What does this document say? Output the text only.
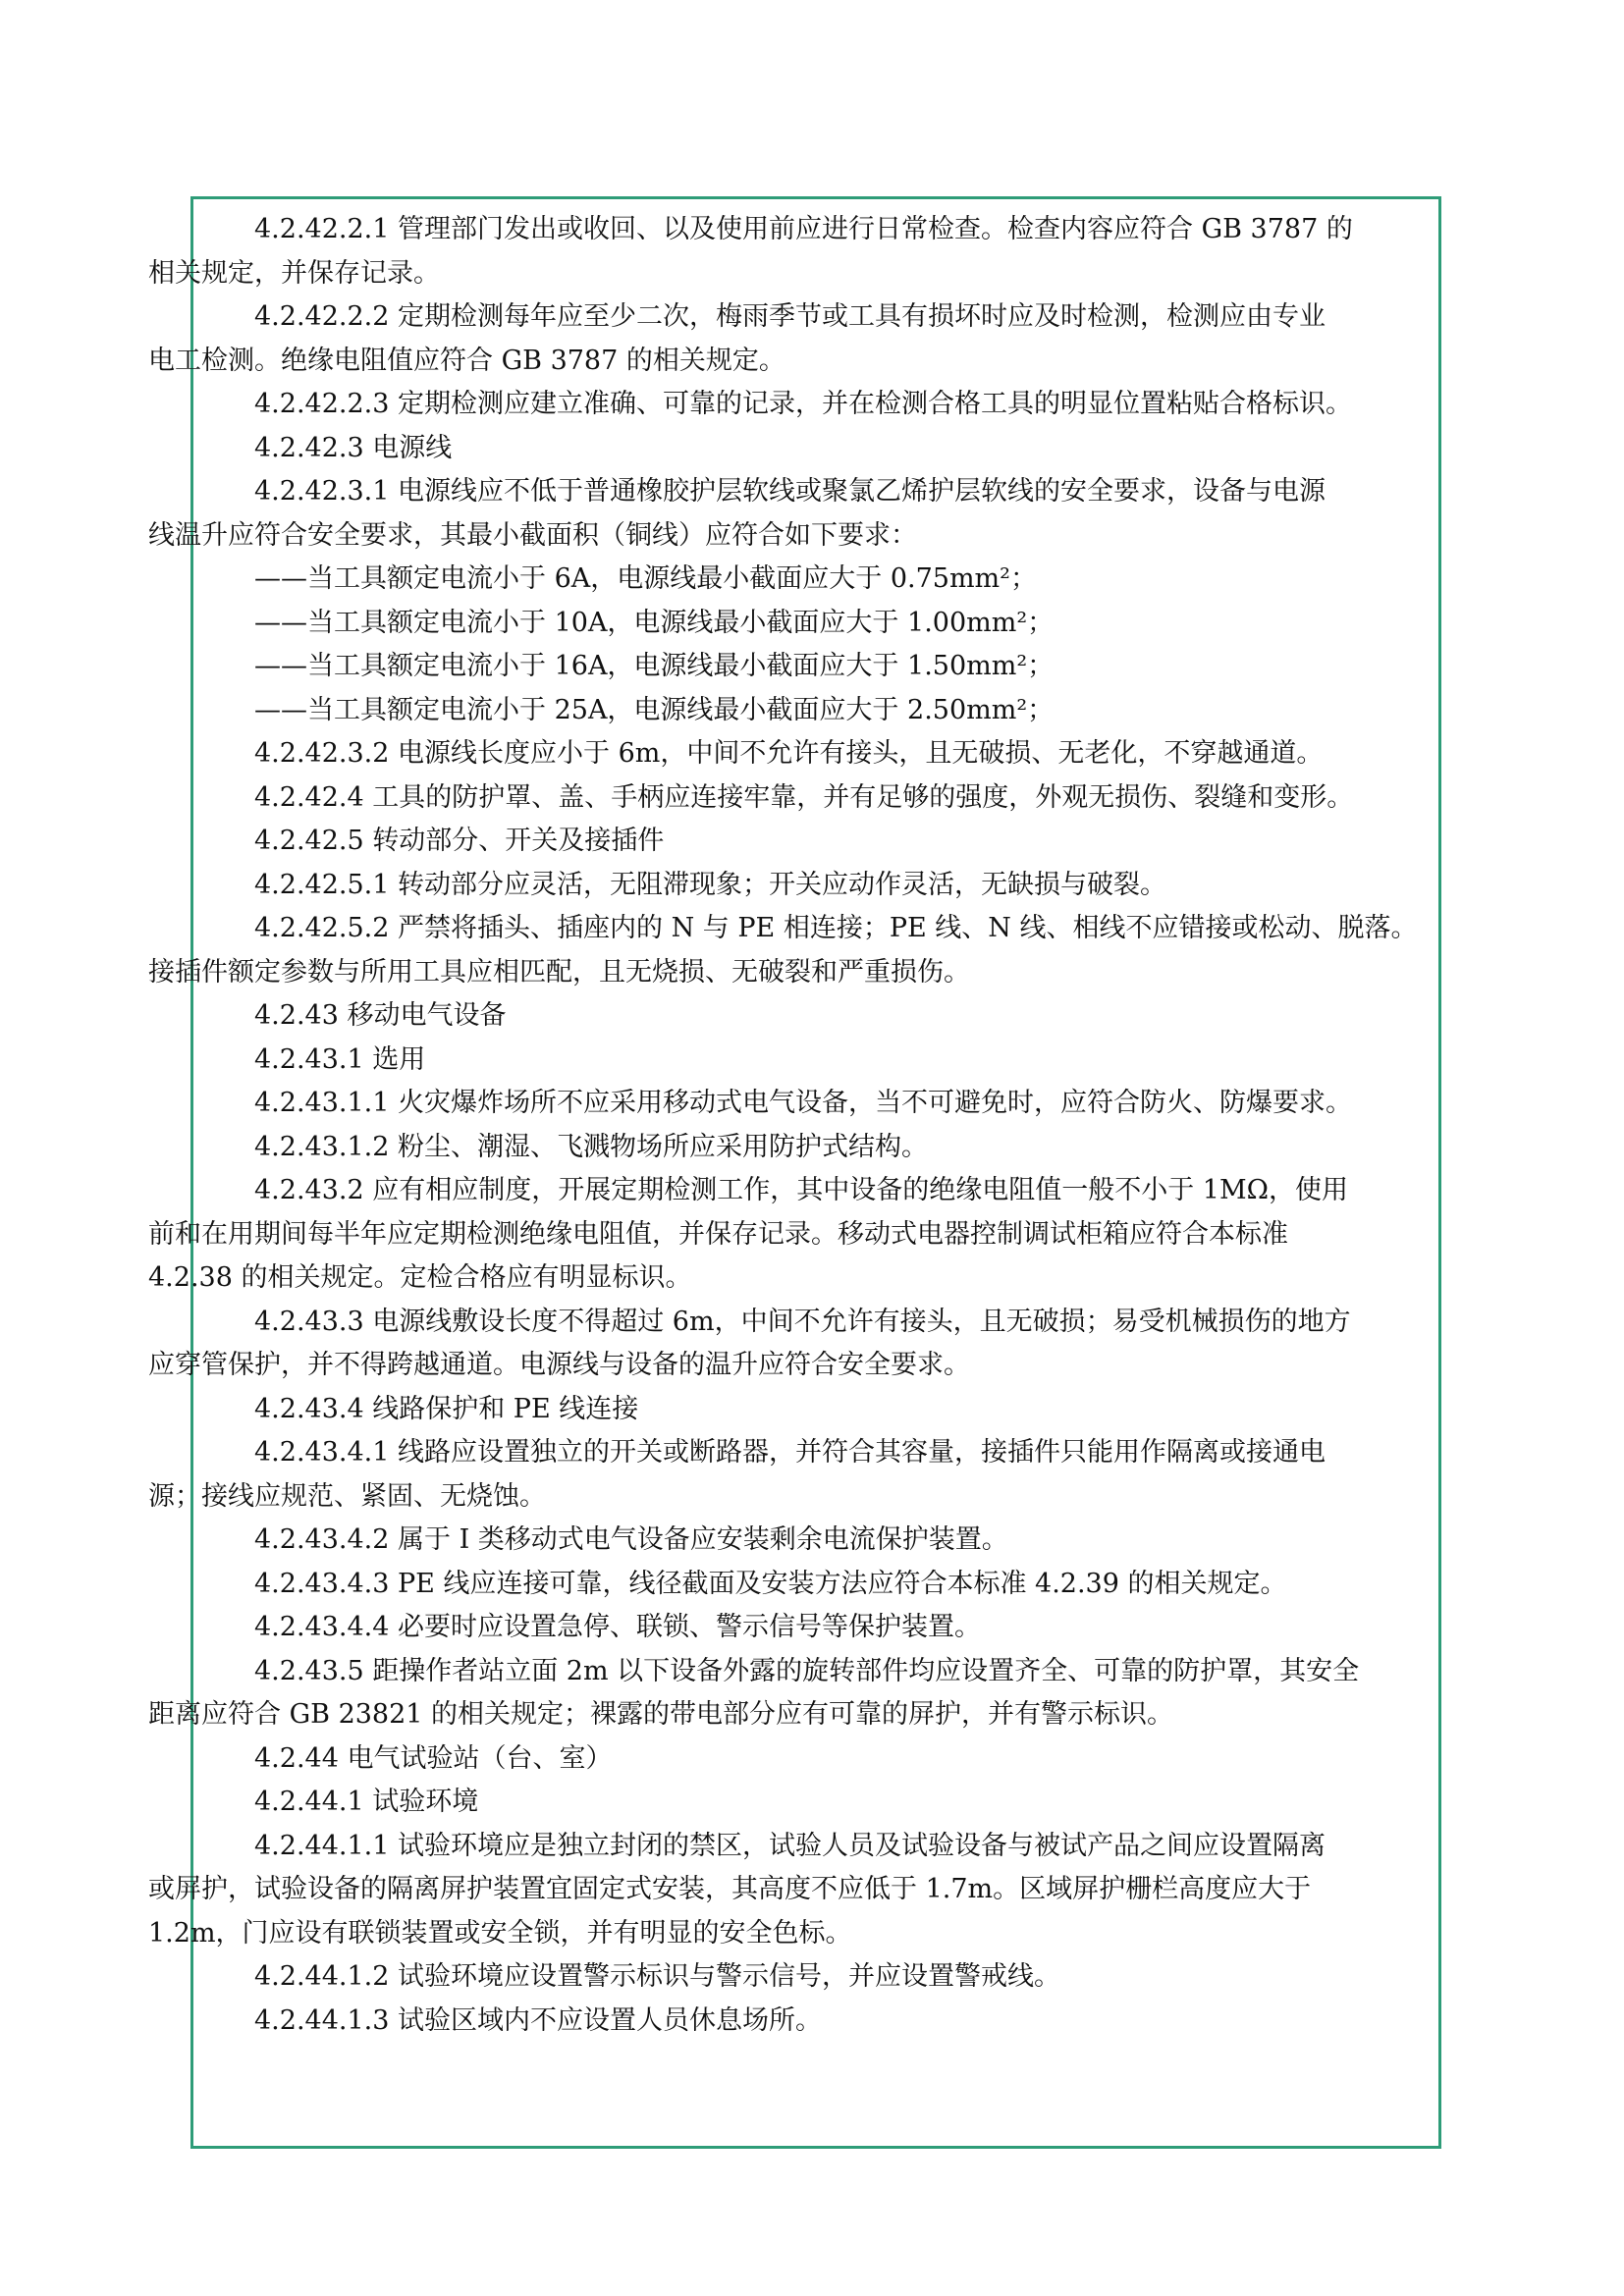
4.2.42.2.1 管理部门发出或收回、以及使用前应进行日常检查。检查内容应符合 GB 3787 的
相关规定，并保存记录。

4.2.42.2.2 定期检测每年应至少二次，梅雨季节或工具有损坏时应及时检测，检测应由专业
电工检测。绝缘电阻值应符合 GB 3787 的相关规定。

4.2.42.2.3 定期检测应建立准确、可靠的记录，并在检测合格工具的明显位置粘贴合格标识。

4.2.42.3 电源线

4.2.42.3.1 电源线应不低于普通橡胶护层软线或聚氯乙烯护层软线的安全要求，设备与电源
线温升应符合安全要求，其最小截面积（铜线）应符合如下要求：

——当工具额定电流小于 6A，电源线最小截面应大于 0.75mm²；

——当工具额定电流小于 10A，电源线最小截面应大于 1.00mm²；

——当工具额定电流小于 16A，电源线最小截面应大于 1.50mm²；

——当工具额定电流小于 25A，电源线最小截面应大于 2.50mm²；

4.2.42.3.2 电源线长度应小于 6m，中间不允许有接头，且无破损、无老化，不穿越通道。

4.2.42.4 工具的防护罩、盖、手柄应连接牢靠，并有足够的强度，外观无损伤、裂缝和变形。

4.2.42.5 转动部分、开关及接插件

4.2.42.5.1 转动部分应灵活，无阻滞现象；开关应动作灵活，无缺损与破裂。

4.2.42.5.2 严禁将插头、插座内的 N 与 PE 相连接；PE 线、N 线、相线不应错接或松动、脱落。
接插件额定参数与所用工具应相匹配，且无烧损、无破裂和严重损伤。

4.2.43 移动电气设备

4.2.43.1 选用

4.2.43.1.1 火灾爆炸场所不应采用移动式电气设备，当不可避免时，应符合防火、防爆要求。

4.2.43.1.2 粉尘、潮湿、飞溅物场所应采用防护式结构。

4.2.43.2 应有相应制度，开展定期检测工作，其中设备的绝缘电阻值一般不小于 1MΩ，使用
前和在用期间每半年应定期检测绝缘电阻值，并保存记录。移动式电器控制调试柜箱应符合本标准
4.2.38 的相关规定。定检合格应有明显标识。

4.2.43.3 电源线敷设长度不得超过 6m，中间不允许有接头，且无破损；易受机械损伤的地方
应穿管保护，并不得跨越通道。电源线与设备的温升应符合安全要求。

4.2.43.4 线路保护和 PE 线连接

4.2.43.4.1 线路应设置独立的开关或断路器，并符合其容量，接插件只能用作隔离或接通电
源；接线应规范、紧固、无烧蚀。

4.2.43.4.2 属于 I 类移动式电气设备应安装剩余电流保护装置。

4.2.43.4.3 PE 线应连接可靠，线径截面及安装方法应符合本标准 4.2.39 的相关规定。

4.2.43.4.4 必要时应设置急停、联锁、警示信号等保护装置。

4.2.43.5 距操作者站立面 2m 以下设备外露的旋转部件均应设置齐全、可靠的防护罩，其安全
距离应符合 GB 23821 的相关规定；裸露的带电部分应有可靠的屏护，并有警示标识。

4.2.44 电气试验站（台、室）

4.2.44.1 试验环境

4.2.44.1.1 试验环境应是独立封闭的禁区，试验人员及试验设备与被试产品之间应设置隔离
或屏护，试验设备的隔离屏护装置宜固定式安装，其高度不应低于 1.7m。区域屏护栅栏高度应大于
1.2m，门应设有联锁装置或安全锁，并有明显的安全色标。

4.2.44.1.2 试验环境应设置警示标识与警示信号，并应设置警戒线。

4.2.44.1.3 试验区域内不应设置人员休息场所。
